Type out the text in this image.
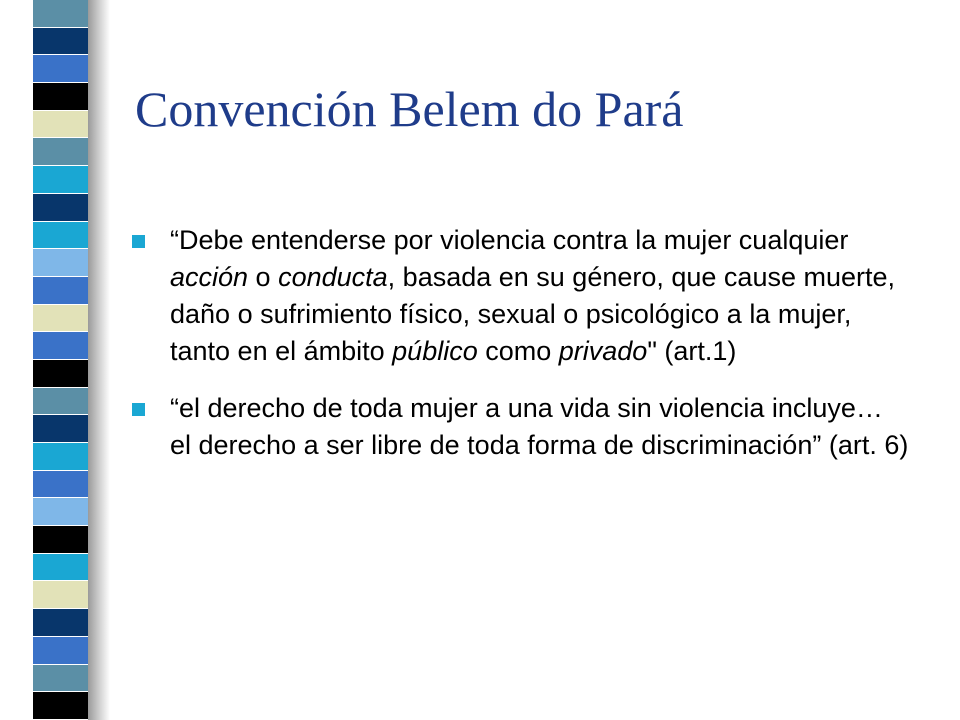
Convención Belem do Pará
“Debe entenderse por violencia contra la mujer cualquier acción o conducta, basada en su género, que cause muerte, daño o sufrimiento físico, sexual o psicológico a la mujer, tanto en el ámbito público como privado" (art.1)
“el derecho de toda mujer a una vida sin violencia incluye… el derecho a ser libre de toda forma de discriminación” (art. 6)
